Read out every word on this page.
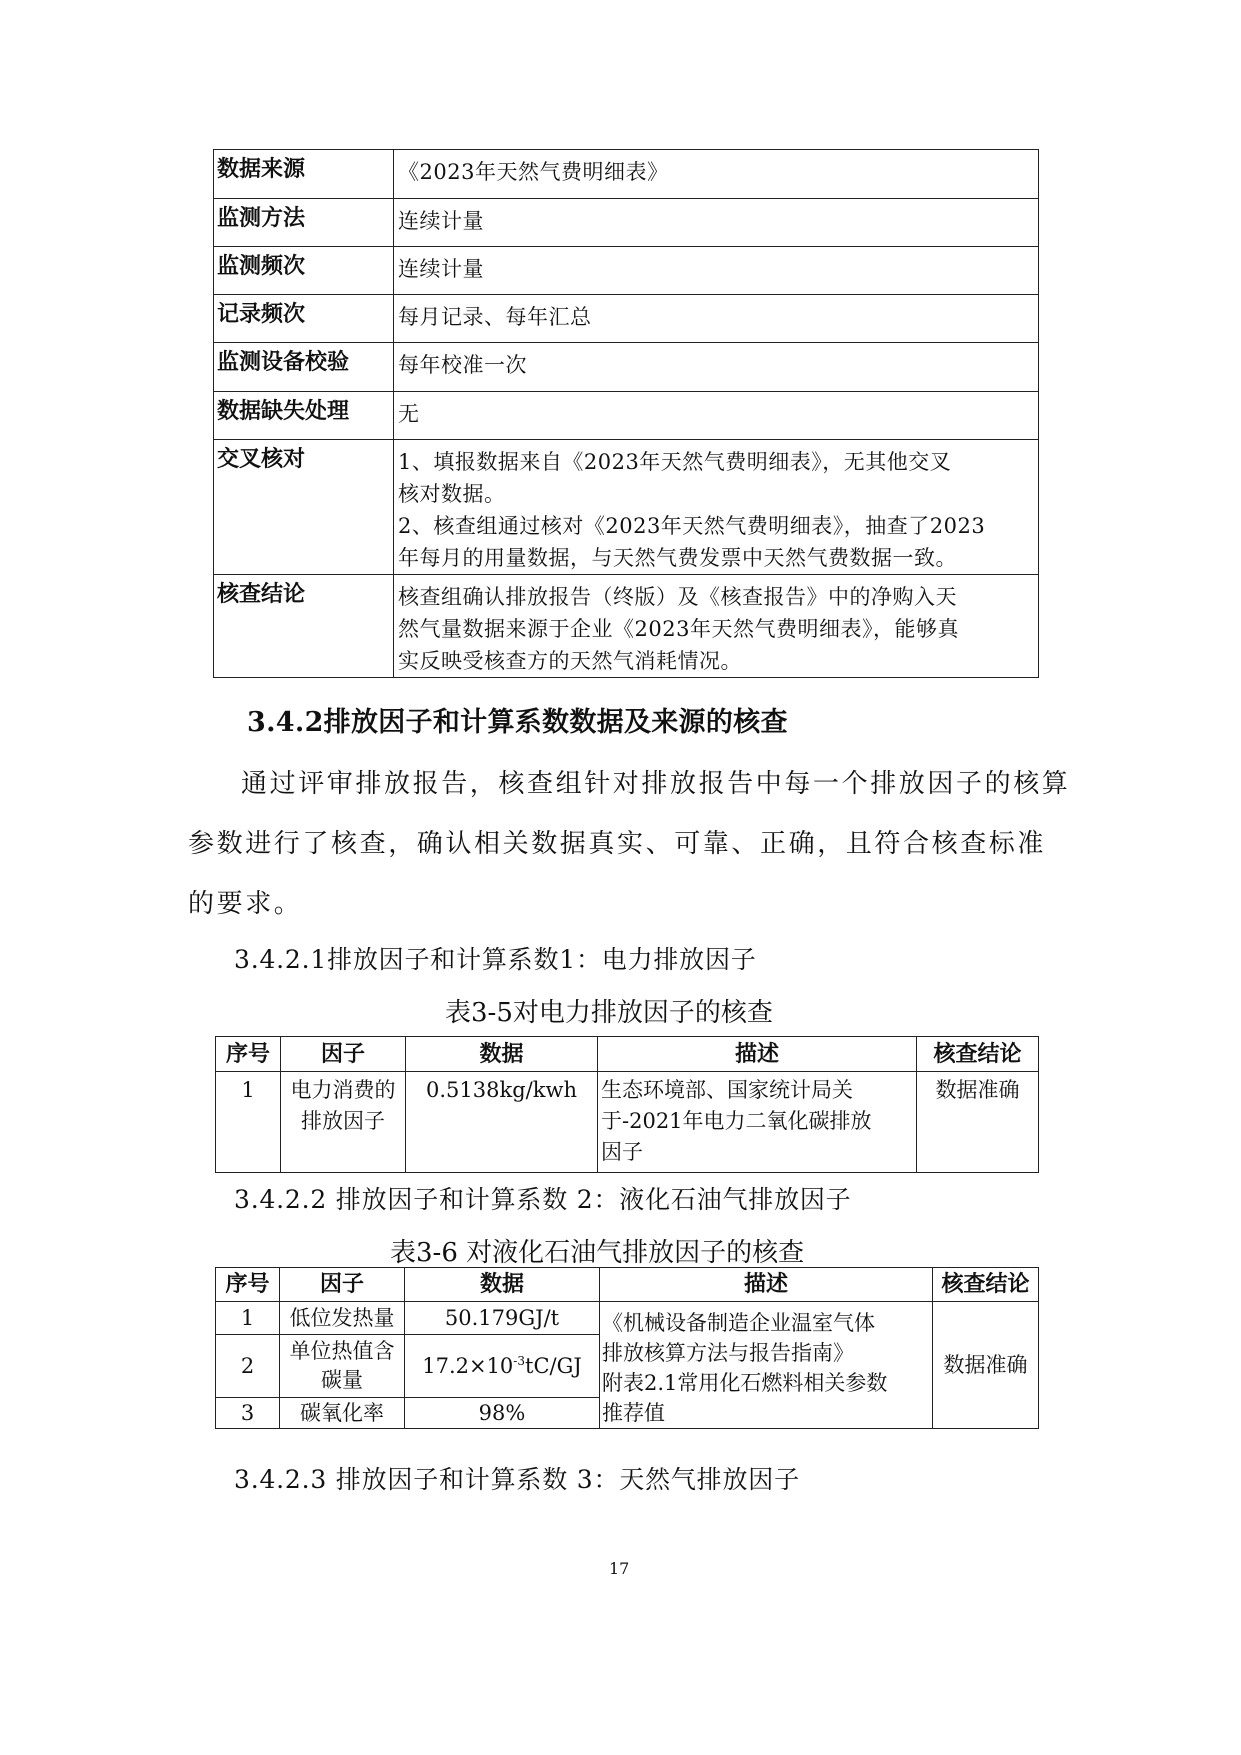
数据来源	《2023年天然气费明细表》
监测方法	连续计量
监测频次	连续计量
记录频次	每月记录、每年汇总
监测设备校验	每年校准一次
数据缺失处理	无
交叉核对	1、填报数据来自《2023年天然气费明细表》，无其他交叉
核对数据。
2、核查组通过核对《2023年天然气费明细表》，抽查了2023
年每月的用量数据，与天然气费发票中天然气费数据一致。

核查结论	核查组确认排放报告（终版）及《核查报告》中的净购入天
然气量数据来源于企业《2023年天然气费明细表》，能够真
实反映受核查方的天然气消耗情况。
3.4.2排放因子和计算系数数据及来源的核查
通过评审排放报告，核查组针对排放报告中每一个排放因子的核算
参数进行了核查，确认相关数据真实、可靠、正确，且符合核查标准
的要求。
3.4.2.1排放因子和计算系数1：电力排放因子
表3-5对电力排放因子的核查
序号	因子	数据	描述	核查结论
1	电力消费的
排放因子	0.5138kg/kwh	生态环境部、国家统计局关
于-2021年电力二氧化碳排放
因子	数据准确
3.4.2.2 排放因子和计算系数 2：液化石油气排放因子
表3-6 对液化石油气排放因子的核查
序号	因子	数据	描述	核查结论
1	低位发热量	50.179GJ/t	《机械设备制造企业温室气体
排放核算方法与报告指南》
附表2.1常用化石燃料相关参数
推荐值	数据准确
2	单位热值含
碳量	$17.2\times 10^{-3}tC/GJ$		
3	碳氧化率	98%		
3.4.2.3 排放因子和计算系数 3：天然气排放因子
17
